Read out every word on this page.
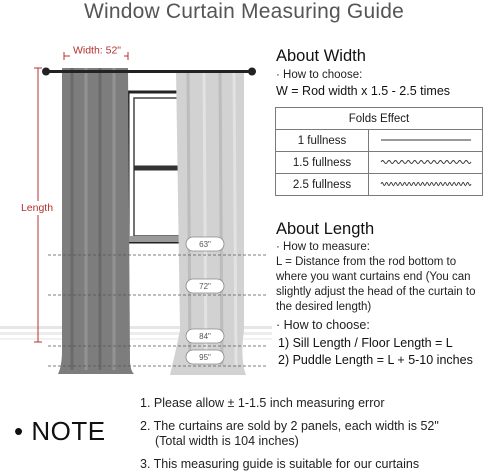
Window Curtain Measuring Guide
Width: 52"
Length
63"
72"
84"
95"
About Width
· How to choose:
W = Rod width x 1.5 - 2.5 times
Folds Effect	
1 fullness	
1.5 fullness	
2.5 fullness	
About Length
· How to measure:
L = Distance from the rod bottom to
where you want curtains end (You can
slightly adjust the head of the curtain to
the desired length)
· How to choose:
1) Sill Length / Floor Length = L
2) Puddle Length = L + 5-10 inches
• NOTE
1. Please allow ± 1-1.5 inch measuring error
2. The curtains are sold by 2 panels, each width is 52"
(Total width is 104 inches)
3. This measuring guide is suitable for our curtains
